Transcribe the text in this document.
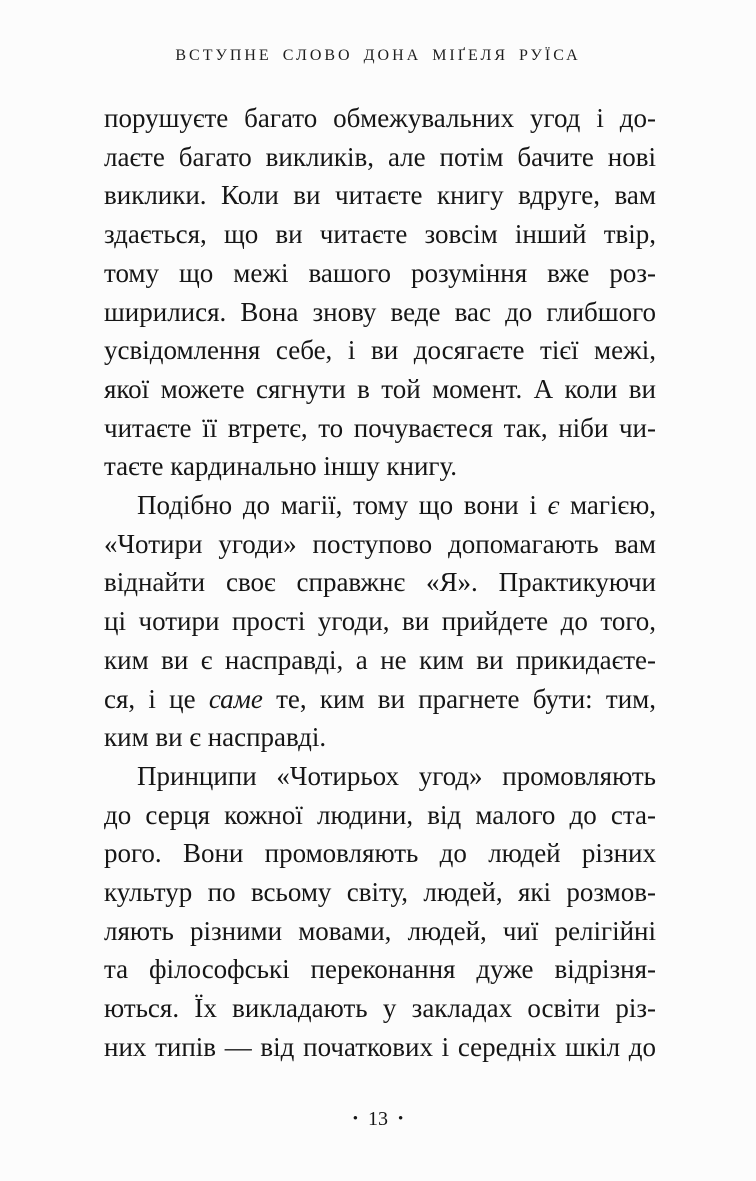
ВСТУПНЕ СЛОВО ДОНА МІҐЕЛЯ РУЇСА
порушуєте багато обмежувальних угод і до-
лаєте багато викликів, але потім бачите нові
виклики. Коли ви читаєте книгу вдруге, вам
здається, що ви читаєте зовсім інший твір,
тому що межі вашого розуміння вже роз-
ширилися. Вона знову веде вас до глибшого
усвідомлення себе, і ви досягаєте тієї межі,
якої можете сягнути в той момент. А коли ви
читаєте її втретє, то почуваєтеся так, ніби чи-
таєте кардинально іншу книгу.
Подібно до магії, тому що вони і є магією,
«Чотири угоди» поступово допомагають вам
віднайти своє справжнє «Я». Практикуючи
ці чотири прості угоди, ви прийдете до того,
ким ви є насправді, а не ким ви прикидаєте-
ся, і це саме те, ким ви прагнете бути: тим,
ким ви є насправді.
Принципи «Чотирьох угод» промовляють
до серця кожної людини, від малого до ста-
рого. Вони промовляють до людей різних
культур по всьому світу, людей, які розмов-
ляють різними мовами, людей, чиї релігійні
та філософські переконання дуже відрізня-
ються. Їх викладають у закладах освіти різ-
них типів — від початкових і середніх шкіл до
• 13 •
